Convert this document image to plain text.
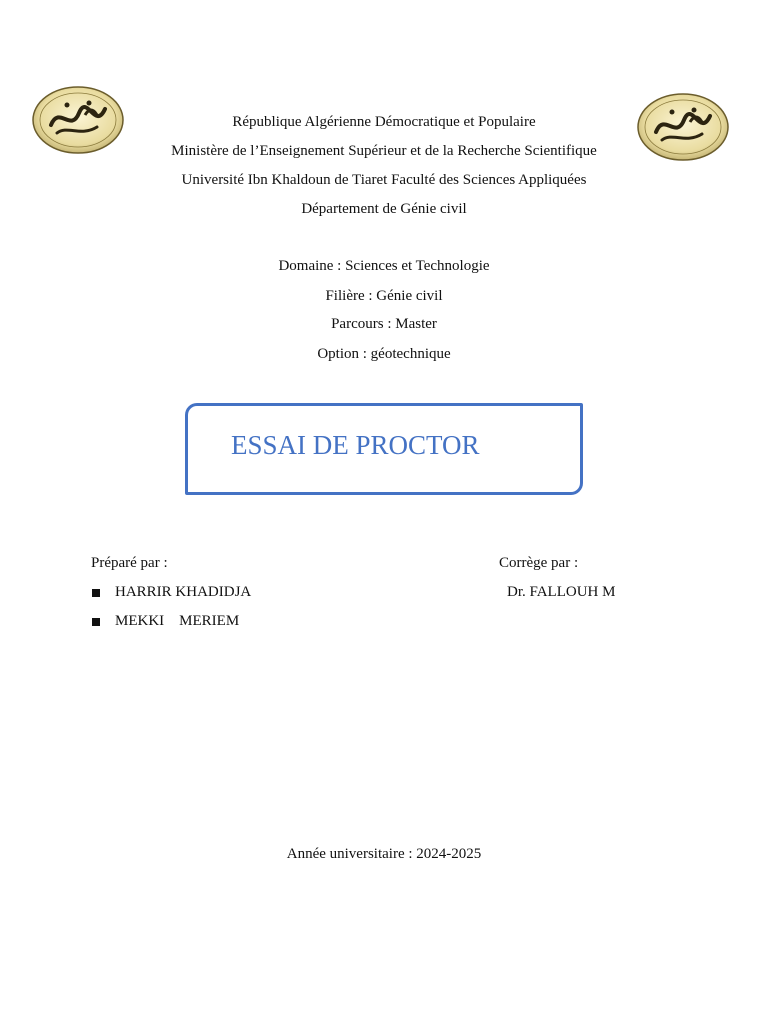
République Algérienne Démocratique et Populaire
Ministère de l’Enseignement Supérieur et de la Recherche Scientifique
Université Ibn Khaldoun de Tiaret Faculté des Sciences Appliquées
Département de Génie civil
Domaine : Sciences et Technologie
Filière : Génie civil
Parcours : Master
Option : géotechnique
ESSAI DE PROCTOR
Préparé par :
HARRIR KHADIDJA
MEKKI    MERIEM
Corrège par :
Dr. FALLOUH M
Année universitaire : 2024-2025
